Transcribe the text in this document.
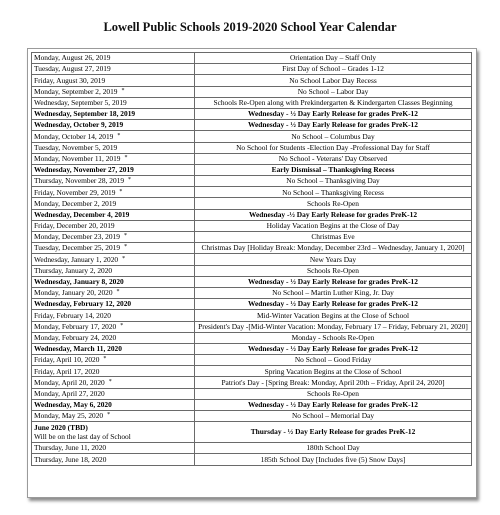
Lowell Public Schools 2019-2020 School Year Calendar
Monday, August 26, 2019	Orientation Day – Staff Only
Tuesday, August 27, 2019	First Day of School – Grades 1-12
Friday, August 30, 2019	No School Labor Day Recess
Monday, September 2, 2019 *	No School – Labor Day
Wednesday, September 5, 2019	Schools Re-Open along with Prekindergarten & Kindergarten Classes Beginning
Wednesday, September 18, 2019	Wednesday - ½ Day Early Release for grades PreK-12
Wednesday, October 9, 2019	Wednesday - ½ Day Early Release for grades PreK-12
Monday, October 14, 2019 *	No School – Columbus Day
Tuesday, November 5, 2019	No School for Students -Election Day -Professional Day for Staff
Monday, November 11, 2019 *	No School - Veterans' Day Observed
Wednesday, November 27, 2019	Early Dismissal – Thanksgiving Recess
Thursday, November 28, 2019 *	No School – Thanksgiving Day
Friday, November 29, 2019 *	No School – Thanksgiving Recess
Monday, December 2, 2019	Schools Re-Open
Wednesday, December 4, 2019	Wednesday -½ Day Early Release for grades PreK-12
Friday, December 20, 2019	Holiday Vacation Begins at the Close of Day
Monday, December 23, 2019 *	Christmas Eve
Tuesday, December 25, 2019 *	Christmas Day [Holiday Break: Monday, December 23rd – Wednesday, January 1, 2020]
Wednesday, January 1, 2020 *	New Years Day
Thursday, January 2, 2020	Schools Re-Open
Wednesday, January 8, 2020	Wednesday - ½ Day Early Release for grades PreK-12
Monday, January 20, 2020 *	No School – Martin Luther King, Jr. Day
Wednesday, February 12, 2020	Wednesday - ½ Day Early Release for grades PreK-12
Friday, February 14, 2020	Mid-Winter Vacation Begins at the Close of School
Monday, February 17, 2020 *	President's Day -[Mid-Winter Vacation: Monday, February 17 – Friday, February 21, 2020]
Monday, February 24, 2020	Monday - Schools Re-Open
Wednesday, March 11, 2020	Wednesday - ½ Day Early Release for grades PreK-12
Friday, April 10, 2020 *	No School – Good Friday
Friday, April 17, 2020	Spring Vacation Begins at the Close of School
Monday, April 20, 2020 *	Patriot's Day - [Spring Break: Monday, April 20th – Friday, April 24, 2020]
Monday, April 27, 2020	Schools Re-Open
Wednesday, May 6, 2020	Wednesday - ½ Day Early Release for grades PreK-12
Monday, May 25, 2020 *	No School – Memorial Day
June 2020 (TBD)
Will be on the last day of School	Thursday - ½ Day Early Release for grades PreK-12
Thursday, June 11, 2020	180th School Day
Thursday, June 18, 2020	185th School Day [Includes five (5) Snow Days]
